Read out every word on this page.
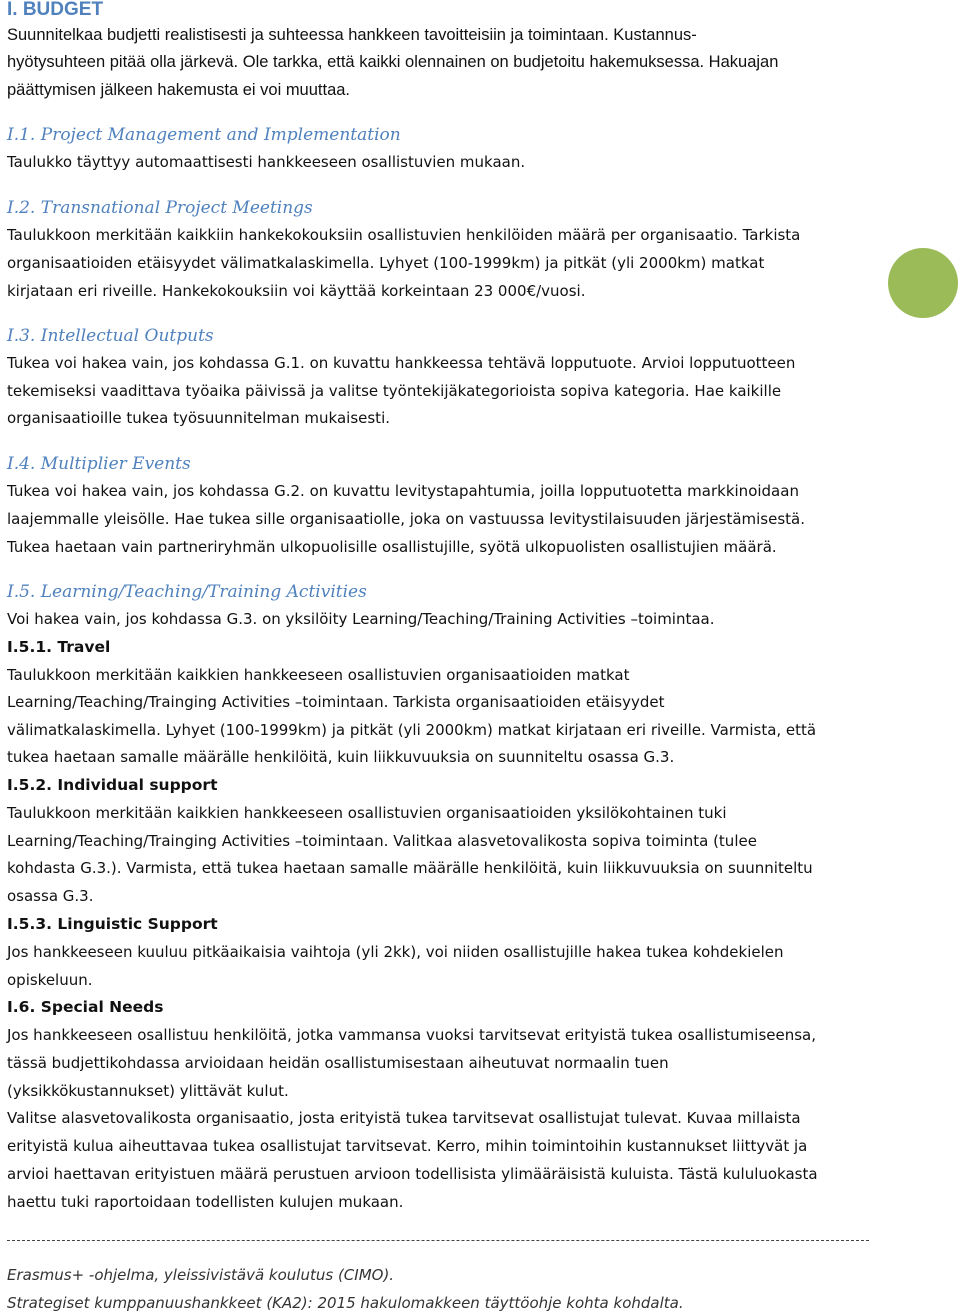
I. BUDGET
Suunnitelkaa budjetti realistisesti ja suhteessa hankkeen tavoitteisiin ja toimintaan. Kustannus-
hyötysuhteen pitää olla järkevä. Ole tarkka, että kaikki olennainen on budjetoitu hakemuksessa. Hakuajan
päättymisen jälkeen hakemusta ei voi muuttaa.
I.1. Project Management and Implementation
Taulukko täyttyy automaattisesti hankkeeseen osallistuvien mukaan.
I.2. Transnational Project Meetings
Taulukkoon merkitään kaikkiin hankekokouksiin osallistuvien henkilöiden määrä per organisaatio. Tarkista
organisaatioiden etäisyydet välimatkalaskimella. Lyhyet (100-1999km) ja pitkät (yli 2000km) matkat
kirjataan eri riveille. Hankekokouksiin voi käyttää korkeintaan 23 000€/vuosi.
I.3. Intellectual Outputs
Tukea voi hakea vain, jos kohdassa G.1. on kuvattu hankkeessa tehtävä lopputuote. Arvioi lopputuotteen
tekemiseksi vaadittava työaika päivissä ja valitse työntekijäkategorioista sopiva kategoria. Hae kaikille
organisaatioille tukea työsuunnitelman mukaisesti.
I.4. Multiplier Events
Tukea voi hakea vain, jos kohdassa G.2. on kuvattu levitystapahtumia, joilla lopputuotetta markkinoidaan
laajemmalle yleisölle. Hae tukea sille organisaatiolle, joka on vastuussa levitystilaisuuden järjestämisestä.
Tukea haetaan vain partneriryhmän ulkopuolisille osallistujille, syötä ulkopuolisten osallistujien määrä.
I.5. Learning/Teaching/Training Activities
Voi hakea vain, jos kohdassa G.3. on yksilöity Learning/Teaching/Training Activities –toimintaa.
I.5.1. Travel
Taulukkoon merkitään kaikkien hankkeeseen osallistuvien organisaatioiden matkat
Learning/Teaching/Trainging Activities –toimintaan. Tarkista organisaatioiden etäisyydet
välimatkalaskimella. Lyhyet (100-1999km) ja pitkät (yli 2000km) matkat kirjataan eri riveille. Varmista, että
tukea haetaan samalle määrälle henkilöitä, kuin liikkuvuuksia on suunniteltu osassa G.3.
I.5.2. Individual support
Taulukkoon merkitään kaikkien hankkeeseen osallistuvien organisaatioiden yksilökohtainen tuki
Learning/Teaching/Trainging Activities –toimintaan. Valitkaa alasvetovalikosta sopiva toiminta (tulee
kohdasta G.3.). Varmista, että tukea haetaan samalle määrälle henkilöitä, kuin liikkuvuuksia on suunniteltu
osassa G.3.
I.5.3. Linguistic Support
Jos hankkeeseen kuuluu pitkäaikaisia vaihtoja (yli 2kk), voi niiden osallistujille hakea tukea kohdekielen
opiskeluun.
I.6. Special Needs
Jos hankkeeseen osallistuu henkilöitä, jotka vammansa vuoksi tarvitsevat erityistä tukea osallistumiseensa,
tässä budjettikohdassa arvioidaan heidän osallistumisestaan aiheutuvat normaalin tuen
(yksikkökustannukset) ylittävät kulut.
Valitse alasvetovalikosta organisaatio, josta erityistä tukea tarvitsevat osallistujat tulevat. Kuvaa millaista
erityistä kulua aiheuttavaa tukea osallistujat tarvitsevat. Kerro, mihin toimintoihin kustannukset liittyvät ja
arvioi haettavan erityistuen määrä perustuen arvioon todellisista ylimääräisistä kuluista. Tästä kululuokasta
haettu tuki raportoidaan todellisten kulujen mukaan.
Erasmus+ -ohjelma, yleissivistävä koulutus (CIMO).
Strategiset kumppanuushankkeet (KA2): 2015 hakulomakkeen täyttöohje kohta kohdalta.
